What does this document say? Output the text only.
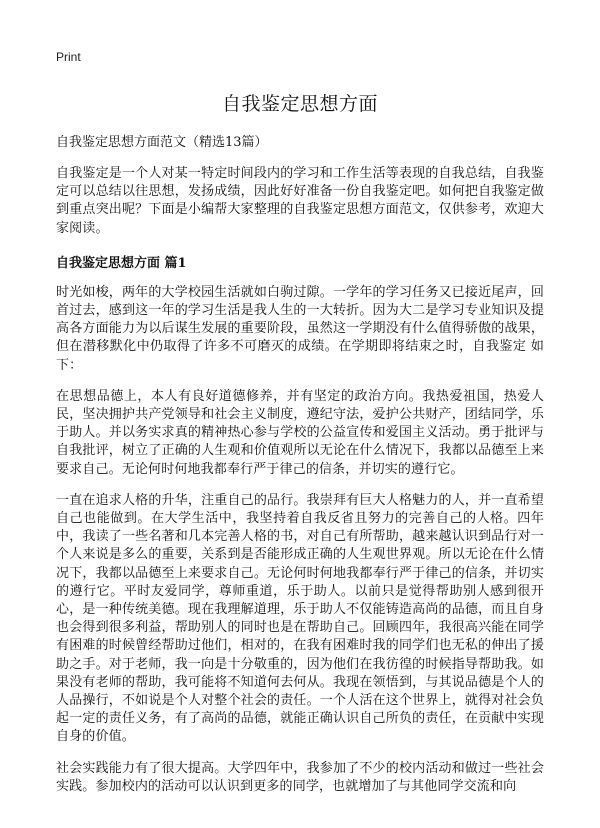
Print
自我鉴定思想方面

自我鉴定思想方面范文（精选13篇）

自我鉴定是一个人对某一特定时间段内的学习和工作生活等表现的自我总结，自我鉴定可以总结以往思想，发扬成绩，因此好好准备一份自我鉴定吧。如何把自我鉴定做到重点突出呢？下面是小编帮大家整理的自我鉴定思想方面范文，仅供参考，欢迎大家阅读。

自我鉴定思想方面 篇1

时光如梭，两年的大学校园生活就如白驹过隙。一学年的学习任务又已接近尾声，回首过去，感到这一年的学习生活是我人生的一大转折。因为大二是学习专业知识及提高各方面能力为以后谋生发展的重要阶段，虽然这一学期没有什么值得骄傲的战果，但在潜移默化中仍取得了许多不可磨灭的成绩。在学期即将结束之时，自我鉴定 如下：

在思想品德上，本人有良好道德修养，并有坚定的政治方向。我热爱祖国，热爱人民，坚决拥护共产党领导和社会主义制度，遵纪守法，爱护公共财产，团结同学，乐于助人。并以务实求真的精神热心参与学校的公益宣传和爱国主义活动。勇于批评与自我批评，树立了正确的人生观和价值观所以无论在什么情况下，我都以品德至上来要求自己。无论何时何地我都奉行严于律己的信条，并切实的遵行它。

一直在追求人格的升华，注重自己的品行。我崇拜有巨大人格魅力的人，并一直希望自己也能做到。在大学生活中，我坚持着自我反省且努力的完善自己的人格。四年中，我读了一些名著和几本完善人格的书，对自己有所帮助，越来越认识到品行对一个人来说是多么的重要，关系到是否能形成正确的人生观世界观。所以无论在什么情况下，我都以品德至上来要求自己。无论何时何地我都奉行严于律己的信条，并切实的遵行它。平时友爱同学，尊师重道，乐于助人。以前只是觉得帮助别人感到很开心，是一种传统美德。现在我理解道理，乐于助人不仅能铸造高尚的品德，而且自身也会得到很多利益，帮助别人的同时也是在帮助自己。回顾四年，我很高兴能在同学有困难的时候曾经帮助过他们，相对的，在我有困难时我的同学们也无私的伸出了援助之手。对于老师，我一向是十分敬重的，因为他们在我彷徨的时候指导帮助我。如果没有老师的帮助，我可能将不知道何去何从。我现在领悟到，与其说品德是个人的人品操行，不如说是个人对整个社会的责任。一个人活在这个世界上，就得对社会负起一定的责任义务，有了高尚的品德，就能正确认识自己所负的责任，在贡献中实现自身的价值。

社会实践能力有了很大提高。大学四年中，我参加了不少的校内活动和做过一些社会实践。参加校内的活动可以认识到更多的同学，也就增加了与其他同学交流和向
